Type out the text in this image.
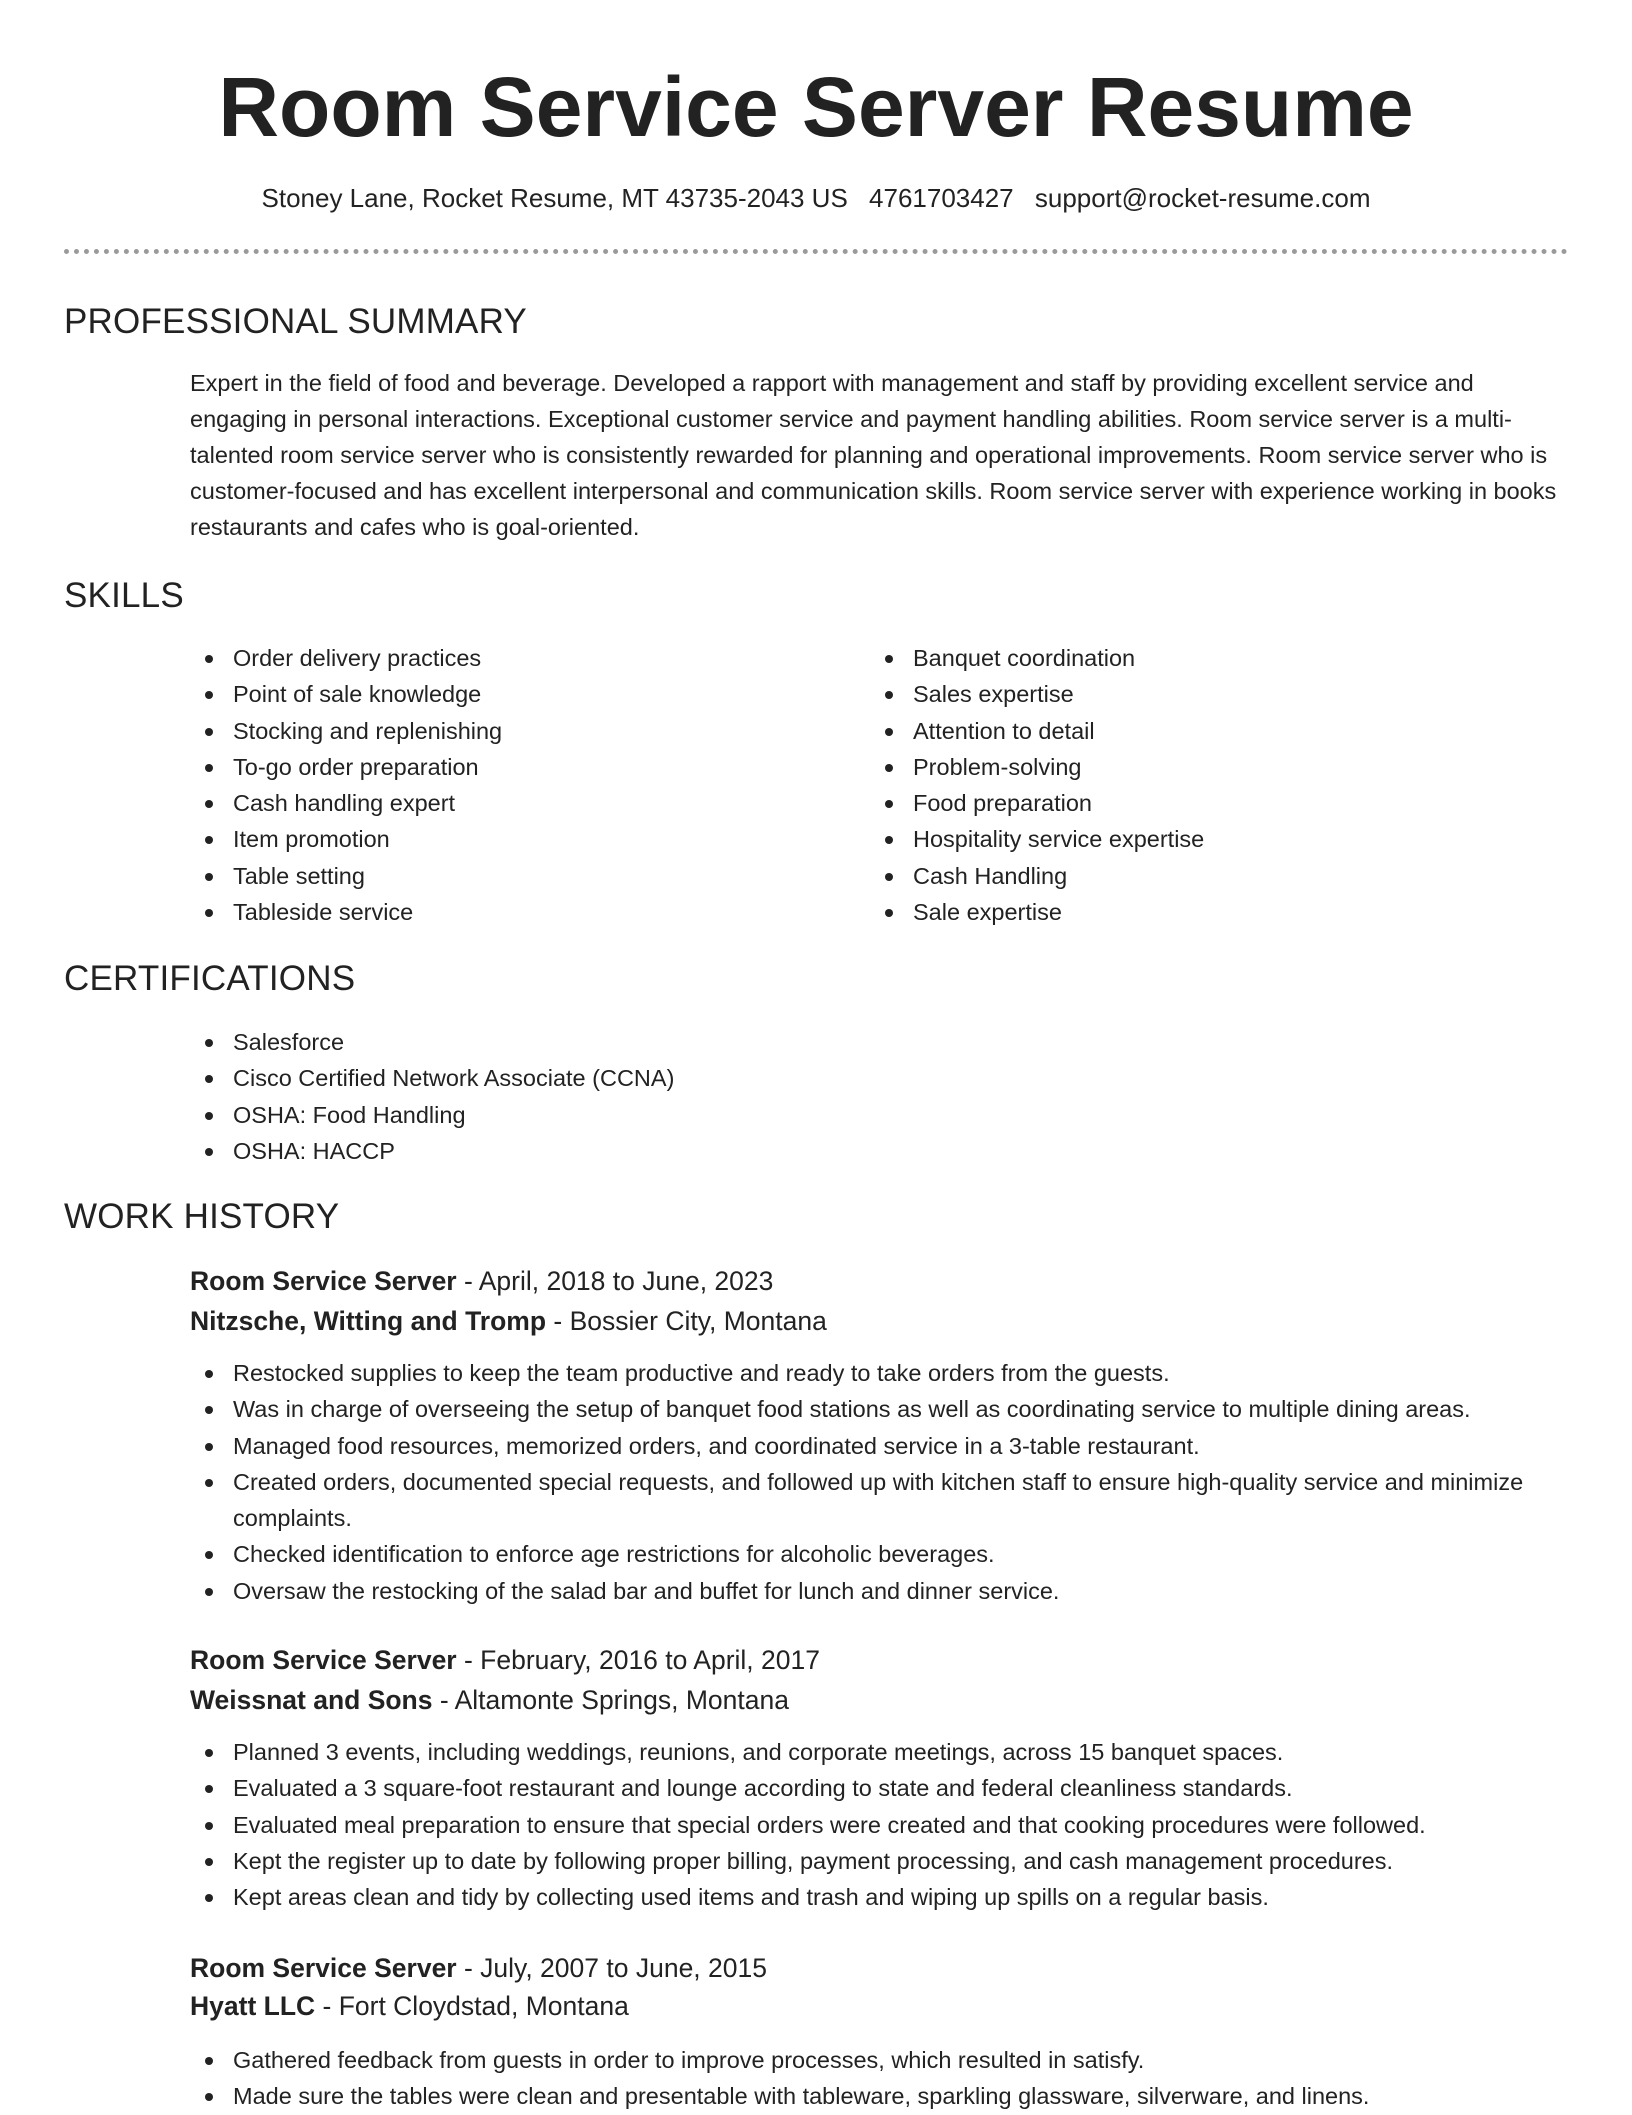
Room Service Server Resume
Stoney Lane, Rocket Resume, MT 43735-2043 US 4761703427 support@rocket-resume.com
PROFESSIONAL SUMMARY
Expert in the field of food and beverage. Developed a rapport with management and staff by providing excellent service and engaging in personal interactions. Exceptional customer service and payment handling abilities. Room service server is a multi-talented room service server who is consistently rewarded for planning and operational improvements. Room service server who is customer-focused and has excellent interpersonal and communication skills. Room service server with experience working in books restaurants and cafes who is goal-oriented.
SKILLS
Order delivery practices
Point of sale knowledge
Stocking and replenishing
To-go order preparation
Cash handling expert
Item promotion
Table setting
Tableside service
Banquet coordination
Sales expertise
Attention to detail
Problem-solving
Food preparation
Hospitality service expertise
Cash Handling
Sale expertise
CERTIFICATIONS
Salesforce
Cisco Certified Network Associate (CCNA)
OSHA: Food Handling
OSHA: HACCP
WORK HISTORY
Room Service Server - April, 2018 to June, 2023
Nitzsche, Witting and Tromp - Bossier City, Montana
Restocked supplies to keep the team productive and ready to take orders from the guests.
Was in charge of overseeing the setup of banquet food stations as well as coordinating service to multiple dining areas.
Managed food resources, memorized orders, and coordinated service in a 3-table restaurant.
Created orders, documented special requests, and followed up with kitchen staff to ensure high-quality service and minimize complaints.
Checked identification to enforce age restrictions for alcoholic beverages.
Oversaw the restocking of the salad bar and buffet for lunch and dinner service.
Room Service Server - February, 2016 to April, 2017
Weissnat and Sons - Altamonte Springs, Montana
Planned 3 events, including weddings, reunions, and corporate meetings, across 15 banquet spaces.
Evaluated a 3 square-foot restaurant and lounge according to state and federal cleanliness standards.
Evaluated meal preparation to ensure that special orders were created and that cooking procedures were followed.
Kept the register up to date by following proper billing, payment processing, and cash management procedures.
Kept areas clean and tidy by collecting used items and trash and wiping up spills on a regular basis.
Room Service Server - July, 2007 to June, 2015
Hyatt LLC - Fort Cloydstad, Montana
Gathered feedback from guests in order to improve processes, which resulted in satisfy.
Made sure the tables were clean and presentable with tableware, sparkling glassware, silverware, and linens.
